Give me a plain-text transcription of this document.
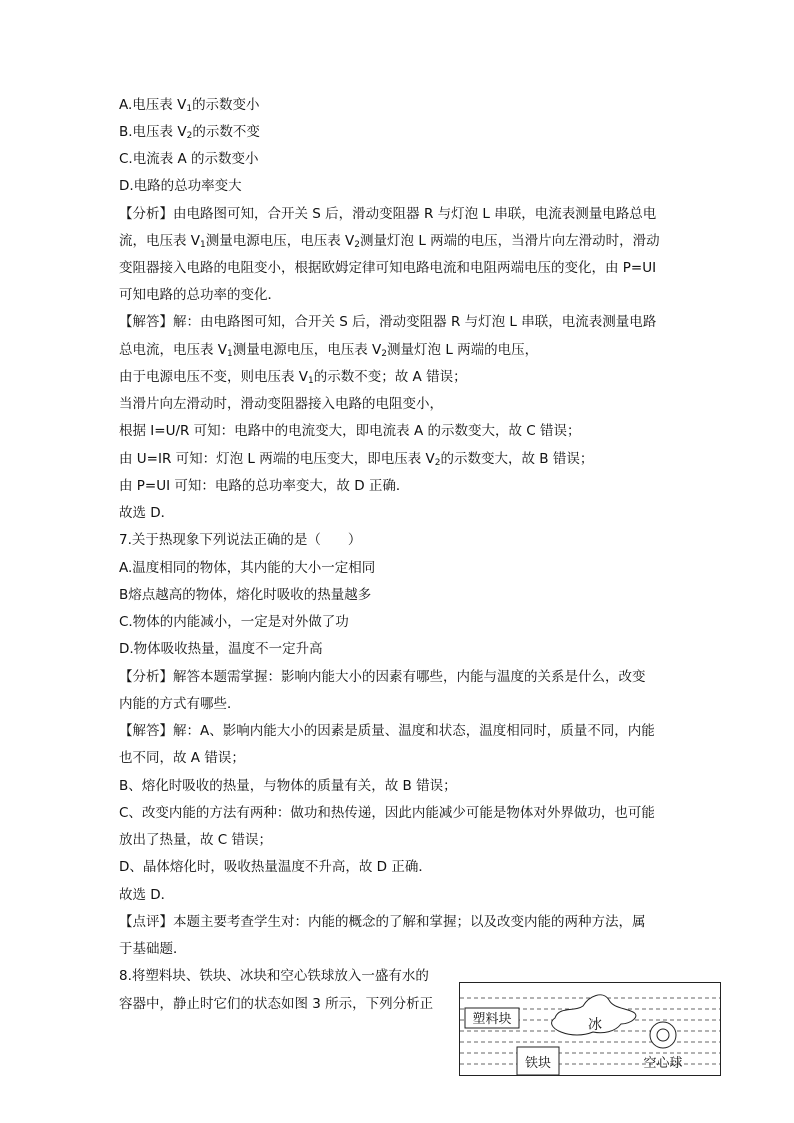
A.电压表 $V_1$的示数变小
B.电压表 $V_2$的示数不变
C.电流表 A 的示数变小
D.电路的总功率变大
【分析】由电路图可知，合开关 S 后，滑动变阻器 R 与灯泡 L 串联，电流表测量电路总电
流，电压表 $V_1$测量电源电压，电压表 $V_2$测量灯泡 L 两端的电压，当滑片向左滑动时，滑动
变阻器接入电路的电阻变小，根据欧姆定律可知电路电流和电阻两端电压的变化，由 P=UI
可知电路的总功率的变化．
【解答】解：由电路图可知，合开关 S 后，滑动变阻器 R 与灯泡 L 串联，电流表测量电路
总电流，电压表 $V_1$测量电源电压，电压表 $V_2$测量灯泡 L 两端的电压，
由于电源电压不变，则电压表 $V_1$的示数不变；故 A 错误；
当滑片向左滑动时，滑动变阻器接入电路的电阻变小，
根据 I=U/R 可知：电路中的电流变大，即电流表 A 的示数变大，故 C 错误；
由 U=IR 可知：灯泡 L 两端的电压变大，即电压表 $V_2$的示数变大，故 B 错误；
由 P=UI 可知：电路的总功率变大，故 D 正确．
故选 D．
7.关于热现象下列说法正确的是（　　）
A.温度相同的物体，其内能的大小一定相同
B熔点越高的物体，熔化时吸收的热量越多
C.物体的内能减小，一定是对外做了功
D.物体吸收热量，温度不一定升高
【分析】解答本题需掌握：影响内能大小的因素有哪些，内能与温度的关系是什么，改变
内能的方式有哪些．
【解答】解：A、影响内能大小的因素是质量、温度和状态，温度相同时，质量不同，内能
也不同，故 A 错误；
B、熔化时吸收的热量，与物体的质量有关，故 B 错误；
C、改变内能的方法有两种：做功和热传递，因此内能减少可能是物体对外界做功，也可能
放出了热量，故 C 错误；
D、晶体熔化时，吸收热量温度不升高，故 D 正确．
故选 D．
【点评】本题主要考查学生对：内能的概念的了解和掌握；以及改变内能的两种方法，属
于基础题．
8.将塑料块、铁块、冰块和空心铁球放入一盛有水的
容器中，静止时它们的状态如图 3 所示，下列分析正
塑料块	冰
铁块	空心球
